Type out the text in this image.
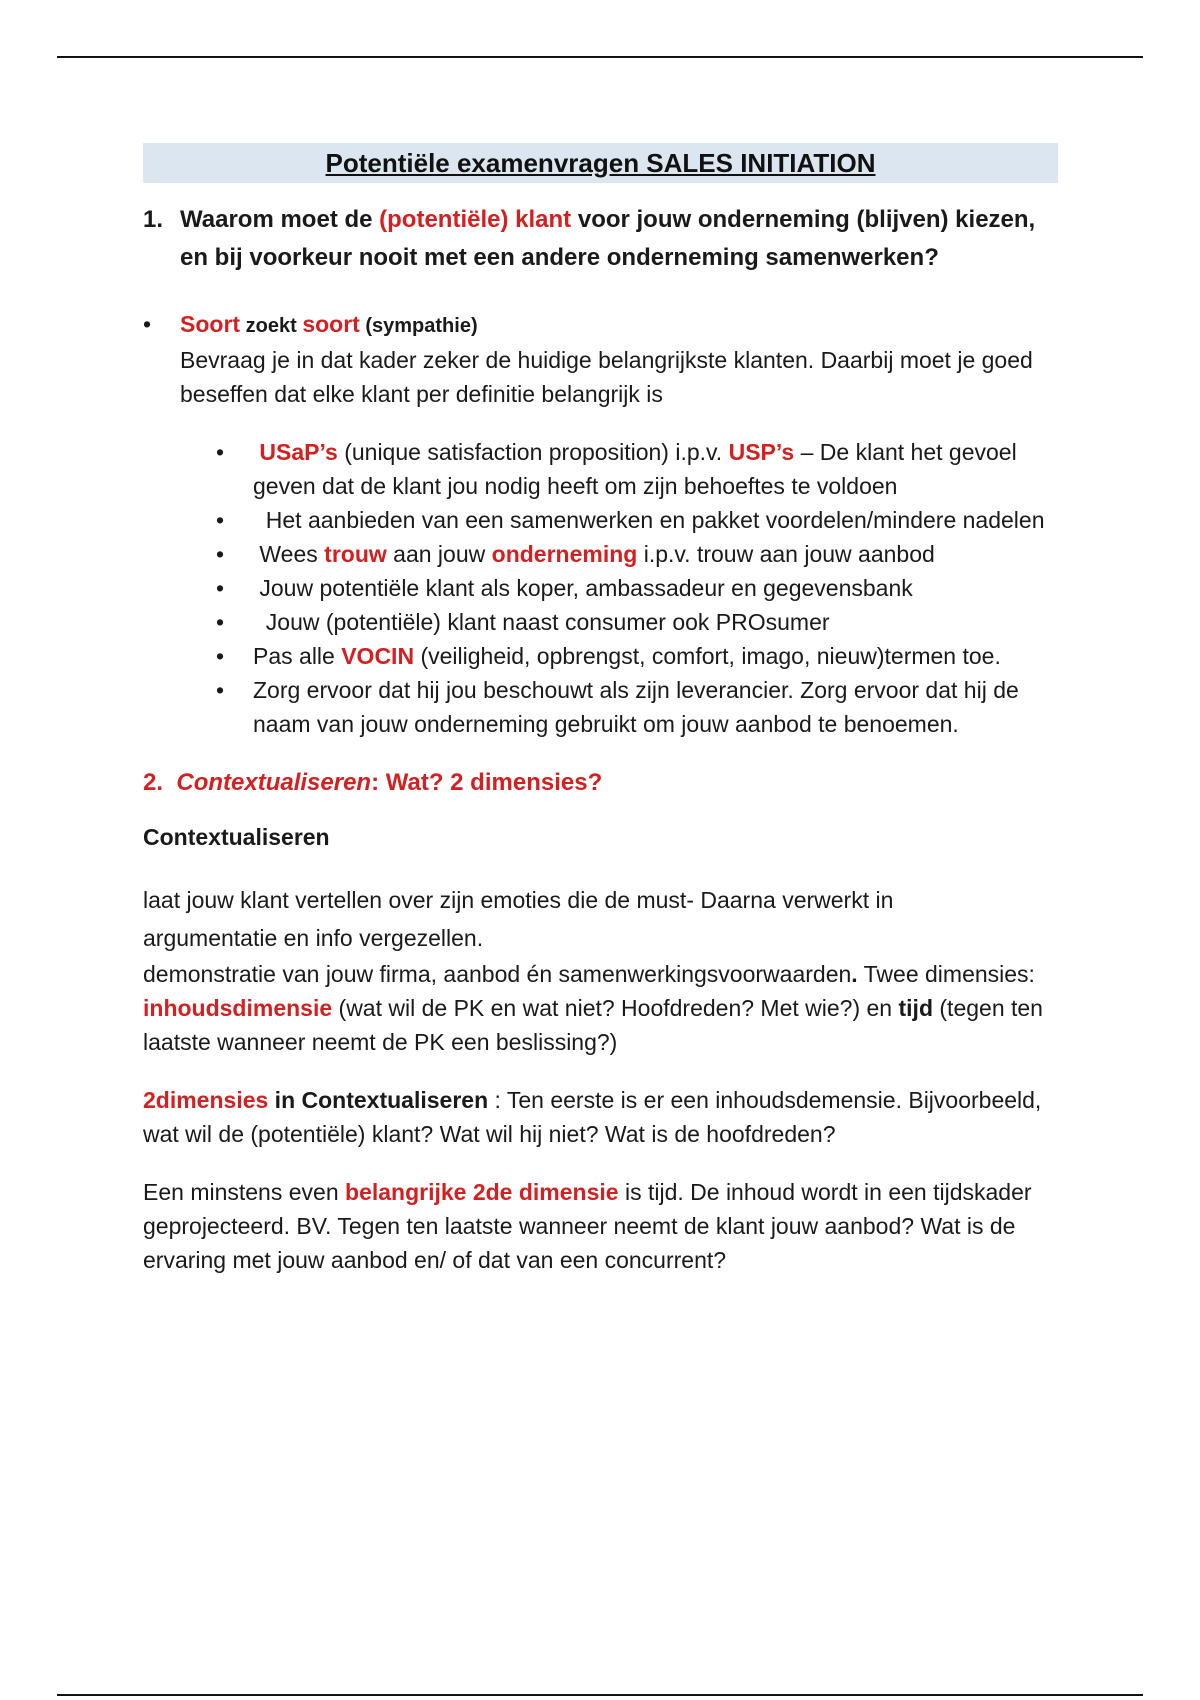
Potentiële examenvragen SALES INITIATION
1. Waarom moet de (potentiële) klant voor jouw onderneming (blijven) kiezen, en bij voorkeur nooit met een andere onderneming samenwerken?
• Soort zoekt soort (sympathie)
Bevraag je in dat kader zeker de huidige belangrijkste klanten. Daarbij moet je goed beseffen dat elke klant per definitie belangrijk is
• USaP’s (unique satisfaction proposition) i.p.v. USP’s – De klant het gevoel geven dat de klant jou nodig heeft om zijn behoeftes te voldoen
• Het aanbieden van een samenwerken en pakket voordelen/mindere nadelen
• Wees trouw aan jouw onderneming i.p.v. trouw aan jouw aanbod
• Jouw potentiële klant als koper, ambassadeur en gegevensbank
• Jouw (potentiële) klant naast consumer ook PROsumer
• Pas alle VOCIN (veiligheid, opbrengst, comfort, imago, nieuw)termen toe.
• Zorg ervoor dat hij jou beschouwt als zijn leverancier. Zorg ervoor dat hij de naam van jouw onderneming gebruikt om jouw aanbod te benoemen.
2. Contextualiseren: Wat? 2 dimensies?
Contextualiseren
laat jouw klant vertellen over zijn emoties die de must- Daarna verwerkt in
argumentatie en info vergezellen.
demonstratie van jouw firma, aanbod én samenwerkingsvoorwaarden. Twee dimensies: inhoudsdimensie (wat wil de PK en wat niet? Hoofdreden? Met wie?) en tijd (tegen ten laatste wanneer neemt de PK een beslissing?)
2dimensies in Contextualiseren : Ten eerste is er een inhoudsdemensie. Bijvoorbeeld, wat wil de (potentiële) klant? Wat wil hij niet? Wat is de hoofdreden?
Een minstens even belangrijke 2de dimensie is tijd. De inhoud wordt in een tijdskader geprojecteerd. BV. Tegen ten laatste wanneer neemt de klant jouw aanbod? Wat is de ervaring met jouw aanbod en/ of dat van een concurrent?
